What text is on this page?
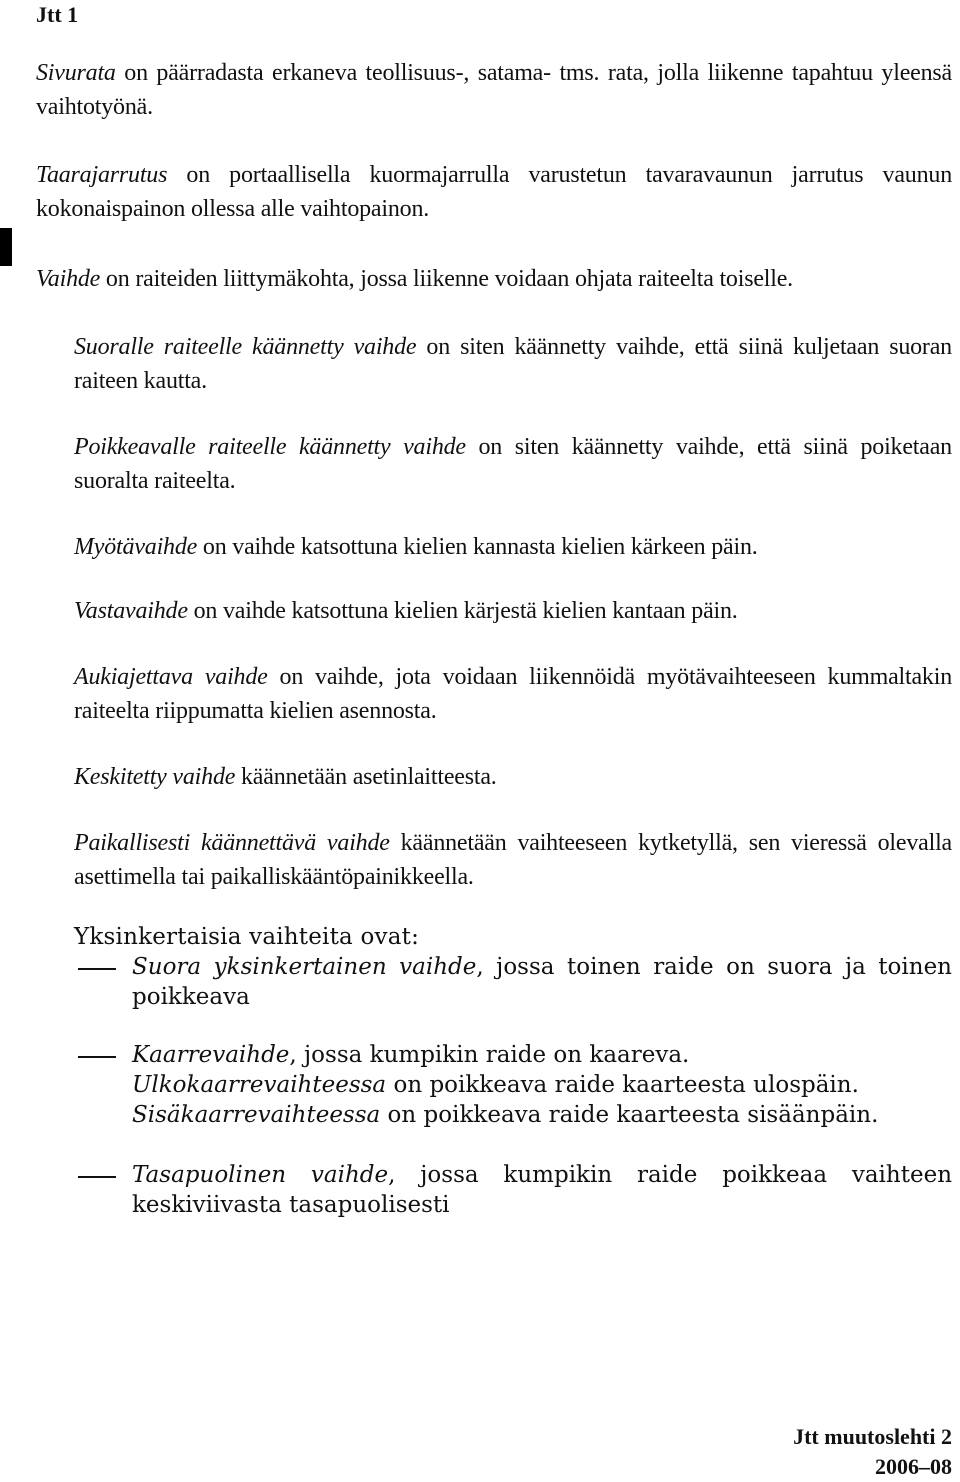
Jtt 1

Sivurata on päärradasta erkaneva teollisuus-, satama- tms. rata, jolla liikenne tapahtuu yleensä vaihtotyönä.

Taarajarrutus on portaallisella kuormajarrulla varustetun tavaravaunun jarrutus vaunun kokonaispainon ollessa alle vaihtopainon.

Vaihde on raiteiden liittymäkohta, jossa liikenne voidaan ohjata raiteelta toiselle.

Suoralle raiteelle käännetty vaihde on siten käännetty vaihde, että siinä kuljetaan suoran raiteen kautta.

Poikkeavalle raiteelle käännetty vaihde on siten käännetty vaihde, että siinä poiketaan suoralta raiteelta.

Myötävaihde on vaihde katsottuna kielien kannasta kielien kärkeen päin.

Vastavaihde on vaihde katsottuna kielien kärjestä kielien kantaan päin.

Aukiajettava vaihde on vaihde, jota voidaan liikennöidä myötävaihteeseen kummaltakin raiteelta riippumatta kielien asennosta.

Keskitetty vaihde käännetään asetinlaitteesta.

Paikallisesti käännettävä vaihde käännetään vaihteeseen kytketyllä, sen vieressä olevalla asettimella tai paikalliskääntöpainikkeella.

Yksinkertaisia vaihteita ovat:
Suora yksinkertainen vaihde, jossa toinen raide on suora ja toinen poikkeava
Kaarrevaihde, jossa kumpikin raide on kaareva.
Ulkokaarrevaihteessa on poikkeava raide kaarteesta ulospäin.
Sisäkaarrevaihteessa on poikkeava raide kaarteesta sisäänpäin.
Tasapuolinen vaihde, jossa kumpikin raide poikkeaa vaihteen keskiviivasta tasapuolisesti
Jtt muutoslehti 2
2006–08
